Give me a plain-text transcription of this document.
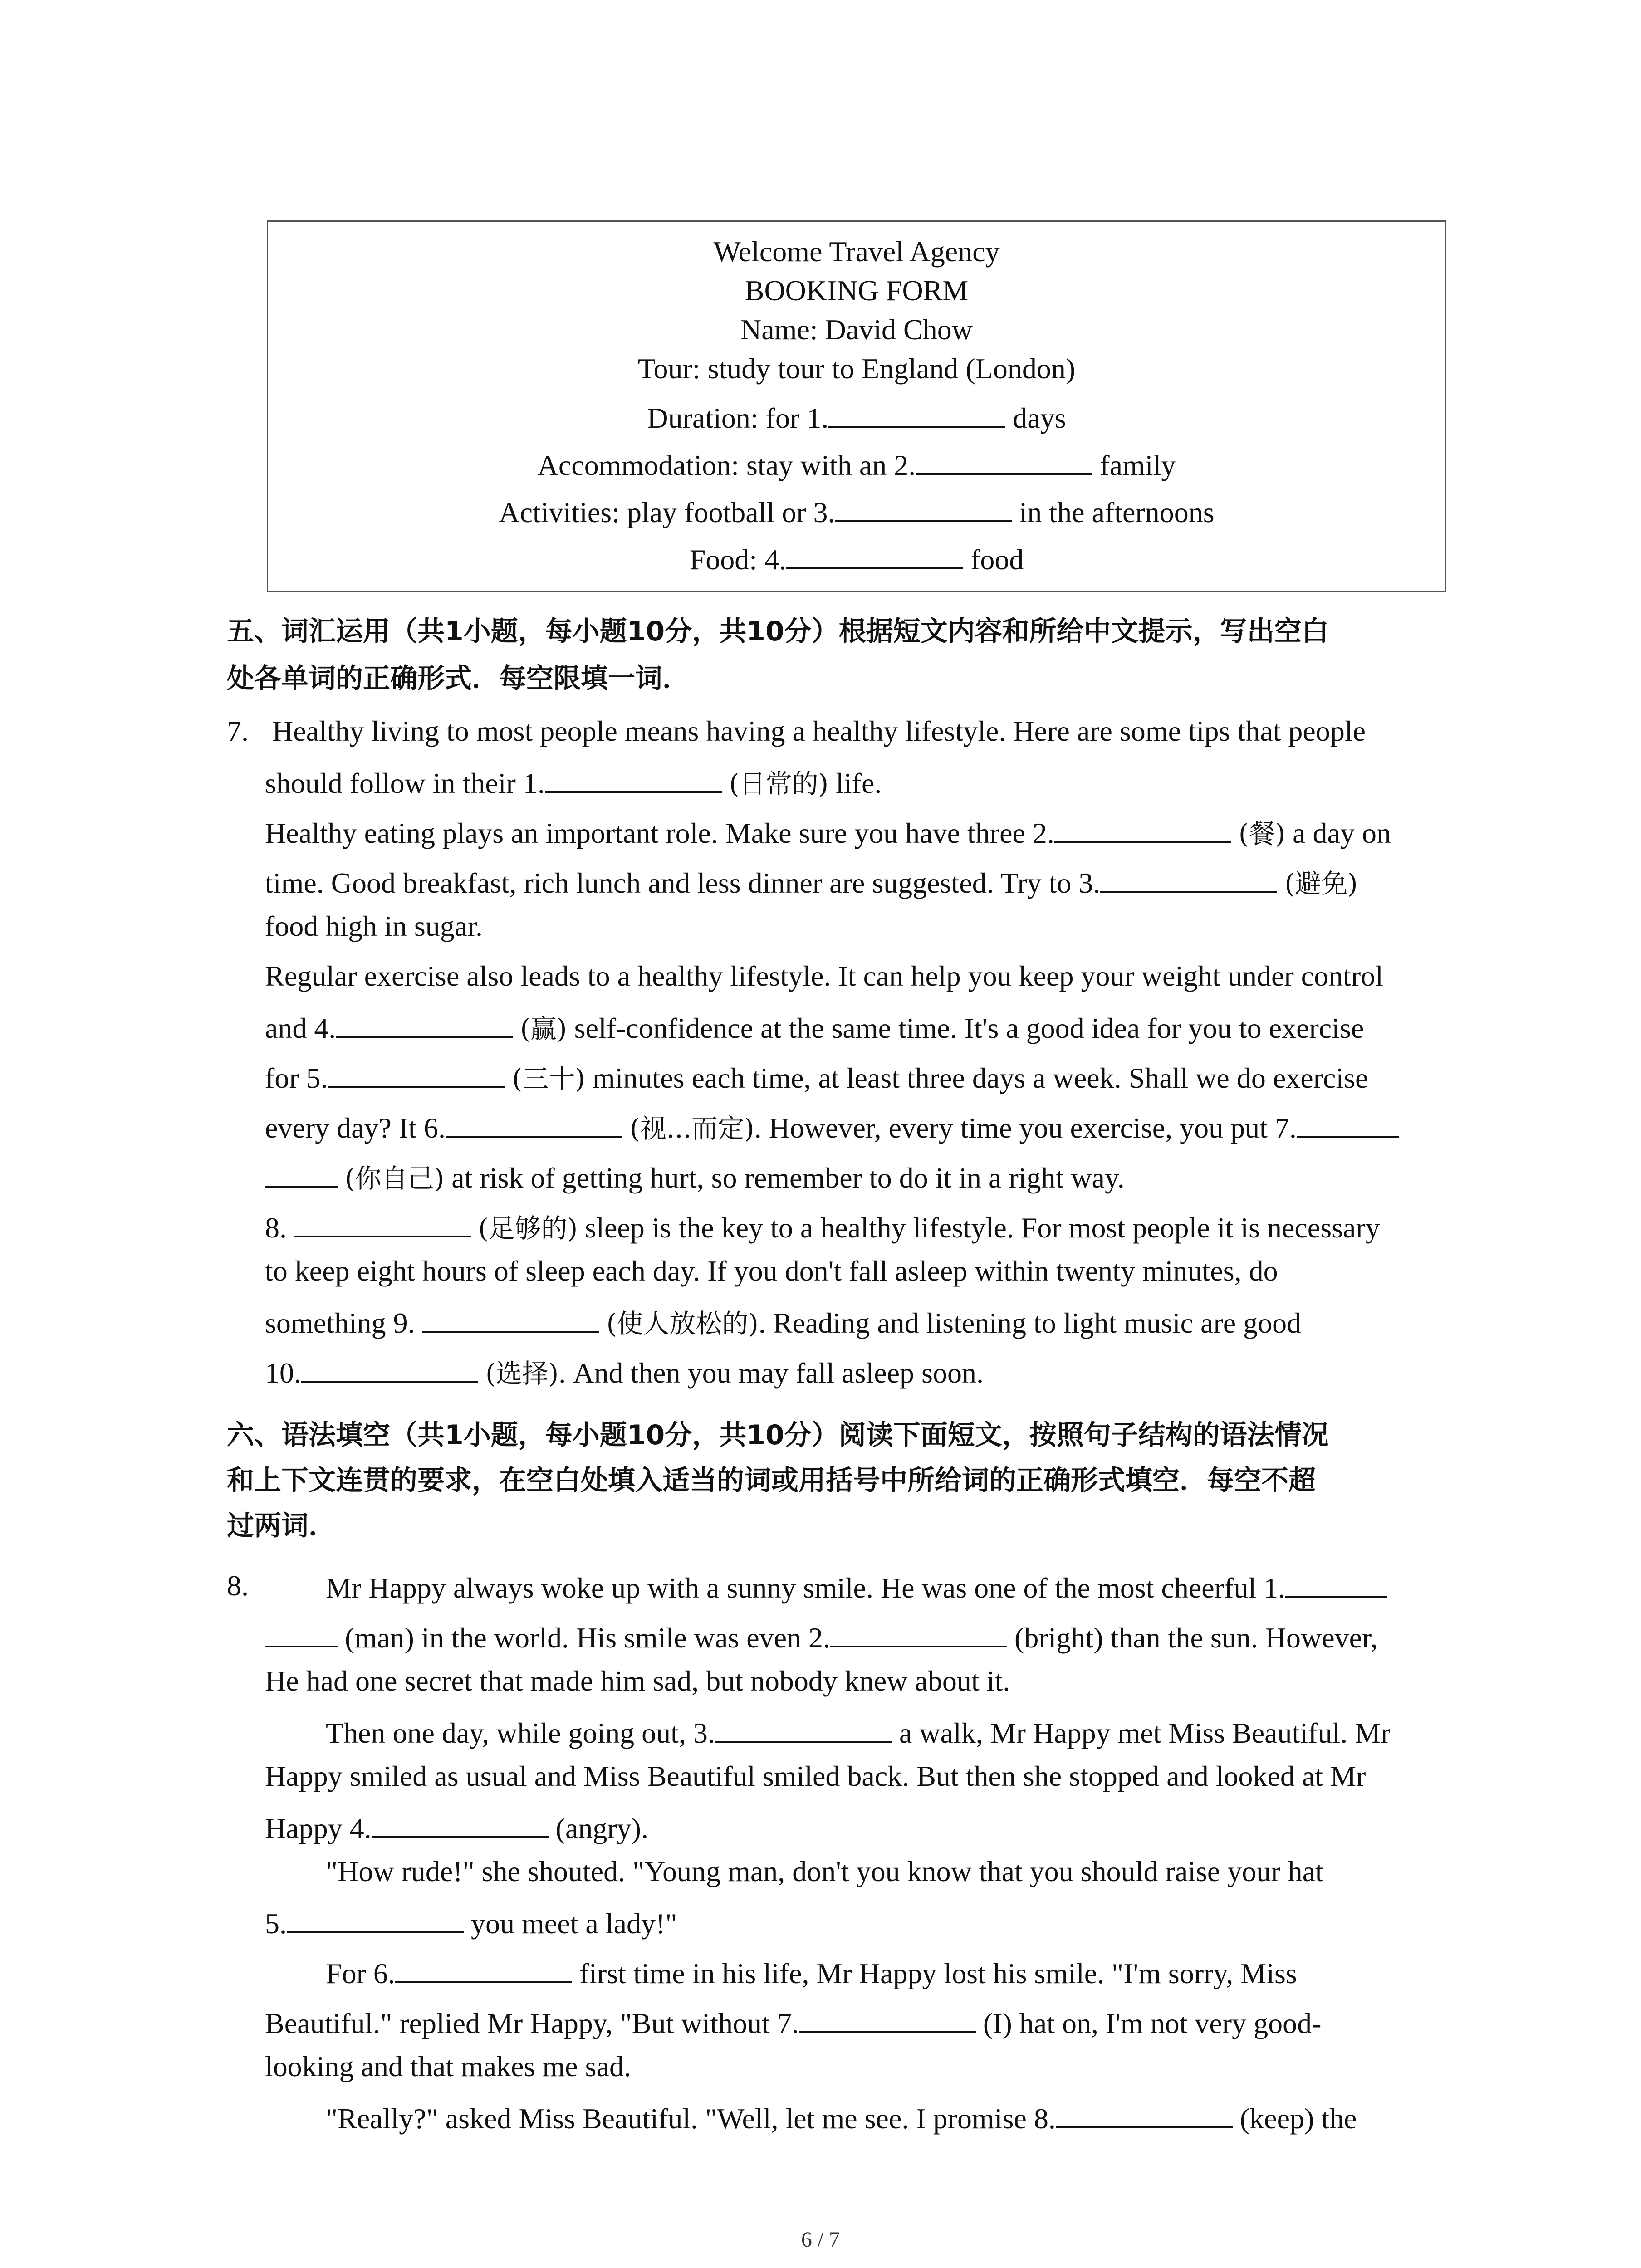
Welcome Travel Agency
BOOKING FORM
Name: David Chow
Tour: study tour to England (London)
Duration: for 1.	days
Accommodation: stay with an 2.	family
Activities: play football or 3.	in the afternoons
Food: 4.	food
五、词汇运用（共1小题，每小题10分，共10分）根据短文内容和所给中文提示，写出空白
处各单词的正确形式．每空限填一词．
7. Healthy living to most people means having a healthy lifestyle. Here are some tips that people
should follow in their 1.	(日常的) life.
Healthy eating plays an important role. Make sure you have three 2.	(餐) a day on
time. Good breakfast, rich lunch and less dinner are suggested. Try to 3.	(避免)
food high in sugar.
Regular exercise also leads to a healthy lifestyle. It can help you keep your weight under control
and 4.	(赢) self-confidence at the same time. It's a good idea for you to exercise
for 5.	(三十) minutes each time, at least three days a week. Shall we do exercise
every day? It 6.	(视...而定). However, every time you exercise, you put 7.
(你自己) at risk of getting hurt, so remember to do it in a right way.
8.	(足够的) sleep is the key to a healthy lifestyle. For most people it is necessary
to keep eight hours of sleep each day. If you don't fall asleep within twenty minutes, do
something 9.	(使人放松的). Reading and listening to light music are good
10.	(选择). And then you may fall asleep soon.
六、语法填空（共1小题，每小题10分，共10分）阅读下面短文，按照句子结构的语法情况
和上下文连贯的要求，在空白处填入适当的词或用括号中所给词的正确形式填空．每空不超
过两词．
8.	Mr Happy always woke up with a sunny smile. He was one of the most cheerful 1.
(man) in the world. His smile was even 2.	(bright) than the sun. However,
He had one secret that made him sad, but nobody knew about it.
Then one day, while going out, 3.	a walk, Mr Happy met Miss Beautiful. Mr
Happy smiled as usual and Miss Beautiful smiled back. But then she stopped and looked at Mr
Happy 4.	(angry).
"How rude!" she shouted. "Young man, don't you know that you should raise your hat
5.	you meet a lady!"
For 6.	first time in his life, Mr Happy lost his smile. "I'm sorry, Miss
Beautiful." replied Mr Happy, "But without 7.	(I) hat on, I'm not very good-
looking and that makes me sad.
"Really?" asked Miss Beautiful. "Well, let me see. I promise 8.	(keep) the
6 / 7
